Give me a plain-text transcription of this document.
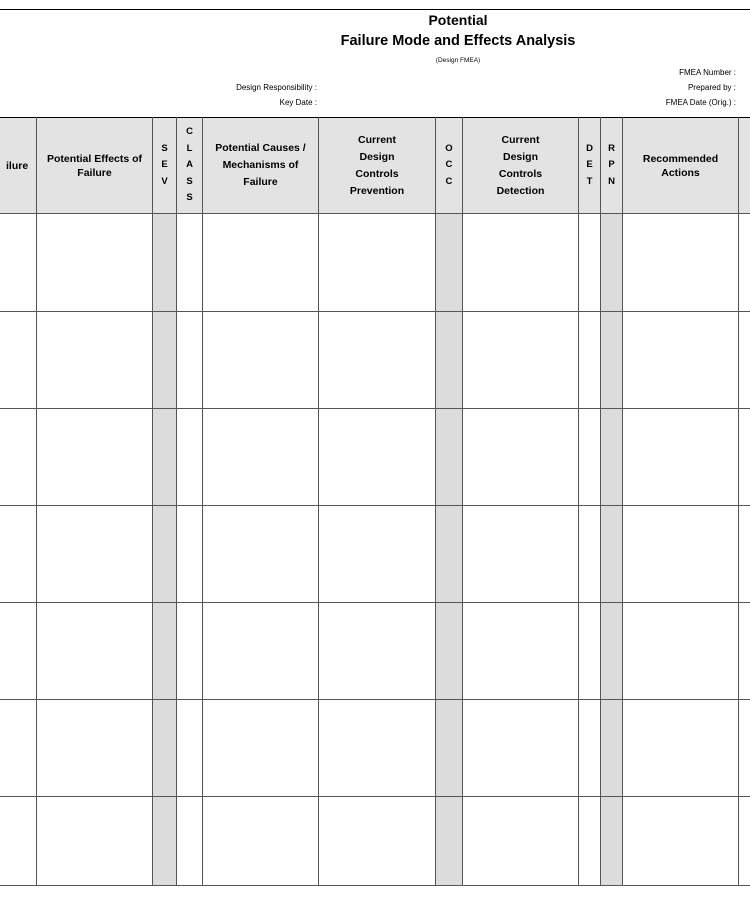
Potential
Failure Mode and Effects Analysis
(Design FMEA)
Design Responsibility :
Key Date :
FMEA Number :
Prepared by :
FMEA Date (Orig.) :
ilure
Potential Effects of Failure
S
E
V
C
L
A
S
S
Potential Causes / Mechanisms of Failure
Current Design Controls Prevention
O
C
C
Current Design Controls Detection
D
E
T
R
P
N
Recommended Actions
